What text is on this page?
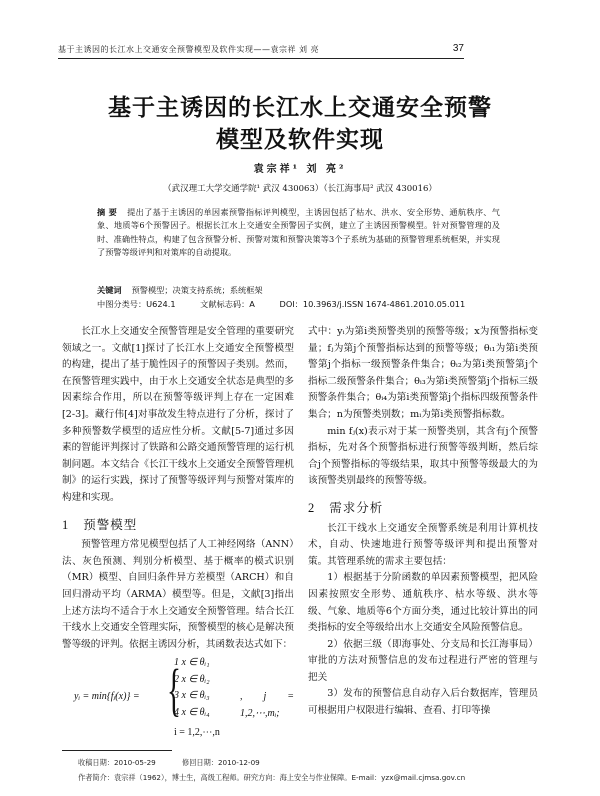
基于主诱因的长江水上交通安全预警模型及软件实现——袁宗祥 刘 亮	37
基于主诱因的长江水上交通安全预警
模型及软件实现
袁宗祥¹ 刘 亮²
（武汉理工大学交通学院¹ 武汉 430063）（长江海事局² 武汉 430016）
摘 要 提出了基于主诱因的单因素预警指标评判模型，主诱因包括了枯水、洪水、安全形势、通航秩序、气象、地质等6个预警因子。根据长江水上交通安全预警因子实例，建立了主诱因预警模型。针对预警管理的及时、准确性特点，构建了包含预警分析、预警对策和预警决策等3个子系统为基础的预警管理系统框架，并实现了预警等级评判和对策库的自动提取。
关键词 预警模型；决策支持系统；系统框架
中图分类号：U624.1	文献标志码：A	DOI：10.3963/j.ISSN 1674-4861.2010.05.011

长江水上交通安全预警管理是安全管理的重要研究领域之一。文献[1]探讨了长江水上交通安全预警模型的构建，提出了基于脆性因子的预警因子类别。然而，在预警管理实践中，由于水上交通安全状态是典型的多因素综合作用，所以在预警等级评判上存在一定困难[2-3]。藏行伟[4]对事故发生特点进行了分析，探讨了多种预警数学模型的适应性分析。文献[5-7]通过多因素的智能评判探讨了铁路和公路交通预警管理的运行机制问题。本文结合《长江干线水上交通安全预警管理机制》的运行实践，探讨了预警等级评判与预警对策库的构建和实现。

1 预警模型

预警管理方常见模型包括了人工神经网络（ANN）法、灰色预测、判别分析模型、基于概率的模式识别（MR）模型、自回归条件异方差模型（ARCH）和自回归滑动平均（ARMA）模型等。但是，文献[3]指出上述方法均不适合于水上交通安全预警管理。结合长江干线水上交通安全管理实际，预警模型的核心是解决预警等级的评判。依据主诱因分析，其函数表达式如下：

yᵢ = min{fⱼ(x)} = {
1 x ∈ θᵢ₁
2 x ∈ θᵢ₂
3 x ∈ θᵢ₃
4 x ∈ θᵢ₄
, j = 1,2,⋯,mᵢ;
i = 1,2,⋯,n

式中：yᵢ为第i类预警类别的预警等级；x为预警指标变量；fⱼ为第j个预警指标达到的预警等级；θᵢ₁为第i类预警第j个指标一级预警条件集合；θᵢ₂为第i类预警第j个指标二级预警条件集合；θᵢ₃为第i类预警第j个指标三级预警条件集合；θᵢ₄为第i类预警第j个指标四级预警条件集合；n为预警类别数；mᵢ为第i类预警指标数。

min fⱼ(x)表示对于某一预警类别，其含有j个预警指标，先对各个预警指标进行预警等级判断，然后综合j个预警指标的等级结果，取其中预警等级最大的为该预警类别最终的预警等级。

2 需求分析

长江干线水上交通安全预警系统是利用计算机技术，自动、快速地进行预警等级评判和提出预警对策。其管理系统的需求主要包括：

1）根据基于分阶函数的单因素预警模型，把风险因素按照安全形势、通航秩序、枯水等级、洪水等级、气象、地质等6个方面分类，通过比较计算出的同类指标的安全等级给出水上交通安全风险预警信息。

2）依据三级（即海事处、分支局和长江海事局）审批的方法对预警信息的发布过程进行严密的管理与把关

3）发布的预警信息自动存入后台数据库，管理员可根据用户权限进行编辑、查看、打印等操

收稿日期：2010-05-29	修回日期：2010-12-09
作者简介：袁宗祥（1962），博士生，高级工程师。研究方向：海上安全与作业保障。E-mail：yzx@mail.cjmsa.gov.cn
